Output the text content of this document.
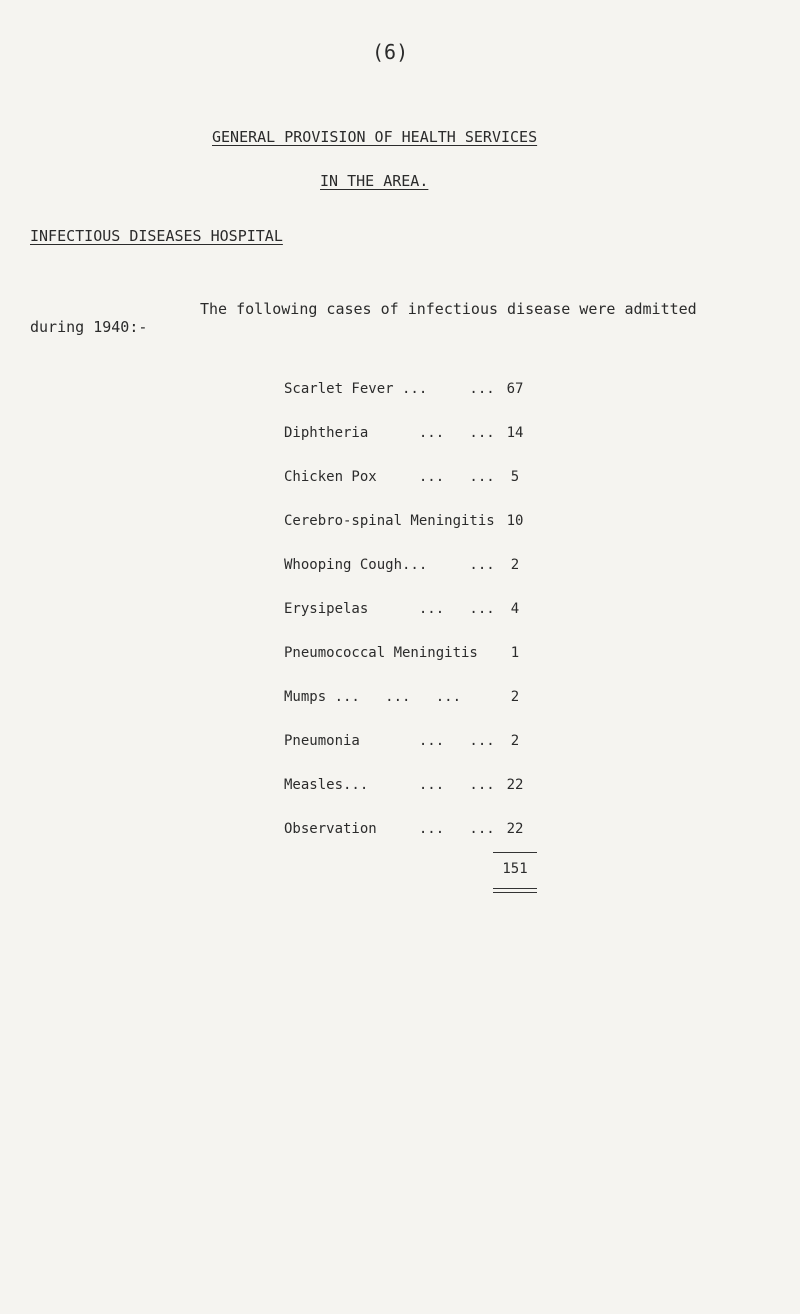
(6)
GENERAL PROVISION OF HEALTH SERVICES
IN THE AREA.
INFECTIOUS DISEASES HOSPITAL
The following cases of infectious disease were admitted
during 1940:-
Scarlet Fever ...     ... 67
Diphtheria      ...   ... 14
Chicken Pox     ...   ...	5
Cerebro-spinal Meningitis 10
Whooping Cough...     ...	2
Erysipelas      ...   ...	4
Pneumococcal Meningitis	1
Mumps ...   ...   ...	2
Pneumonia       ...   ...	2
Measles...      ...   ... 22
Observation     ...   ... 22
151
